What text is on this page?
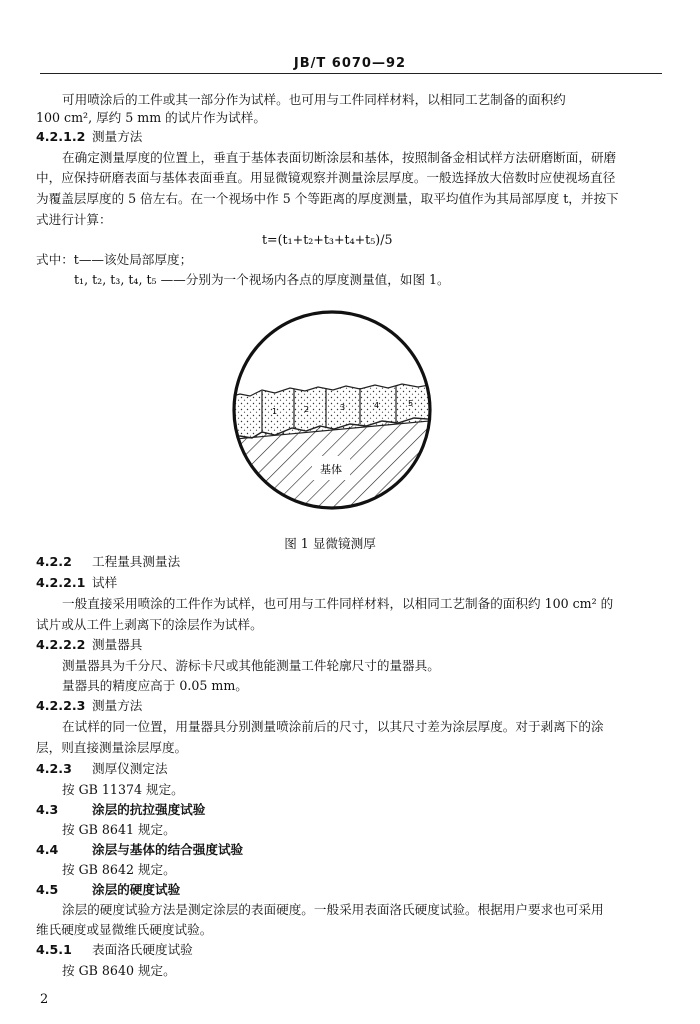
JB/T 6070—92
可用喷涂后的工件或其一部分作为试样。也可用与工件同样材料，以相同工艺制备的面积约
100 cm², 厚约 5 mm 的试片作为试样。
4.2.1.2 测量方法
在确定测量厚度的位置上，垂直于基体表面切断涂层和基体，按照制备金相试样方法研磨断面，研磨
中，应保持研磨表面与基体表面垂直。用显微镜观察并测量涂层厚度。一般选择放大倍数时应使视场直径
为覆盖层厚度的 5 倍左右。在一个视场中作 5 个等距离的厚度测量，取平均值作为其局部厚度 t，并按下
式进行计算：
t=(t₁+t₂+t₃+t₄+t₅)/5
式中：t——该处局部厚度；
t₁, t₂, t₃, t₄, t₅ ——分别为一个视场内各点的厚度测量值，如图 1。
基体
1	2	3	4	5
图 1 显微镜测厚
4.2.2 工程量具测量法
4.2.2.1 试样
一般直接采用喷涂的工件作为试样，也可用与工件同样材料，以相同工艺制备的面积约 100 cm² 的
试片或从工件上剥离下的涂层作为试样。
4.2.2.2 测量器具
测量器具为千分尺、游标卡尺或其他能测量工件轮廓尺寸的量器具。
量器具的精度应高于 0.05 mm。
4.2.2.3 测量方法
在试样的同一位置，用量器具分别测量喷涂前后的尺寸，以其尺寸差为涂层厚度。对于剥离下的涂
层，则直接测量涂层厚度。
4.2.3 测厚仪测定法
按 GB 11374 规定。
4.3	涂层的抗拉强度试验
按 GB 8641 规定。
4.4	涂层与基体的结合强度试验
按 GB 8642 规定。
4.5	涂层的硬度试验
涂层的硬度试验方法是测定涂层的表面硬度。一般采用表面洛氏硬度试验。根据用户要求也可采用
维氏硬度或显微维氏硬度试验。
4.5.1 表面洛氏硬度试验
按 GB 8640 规定。
2
